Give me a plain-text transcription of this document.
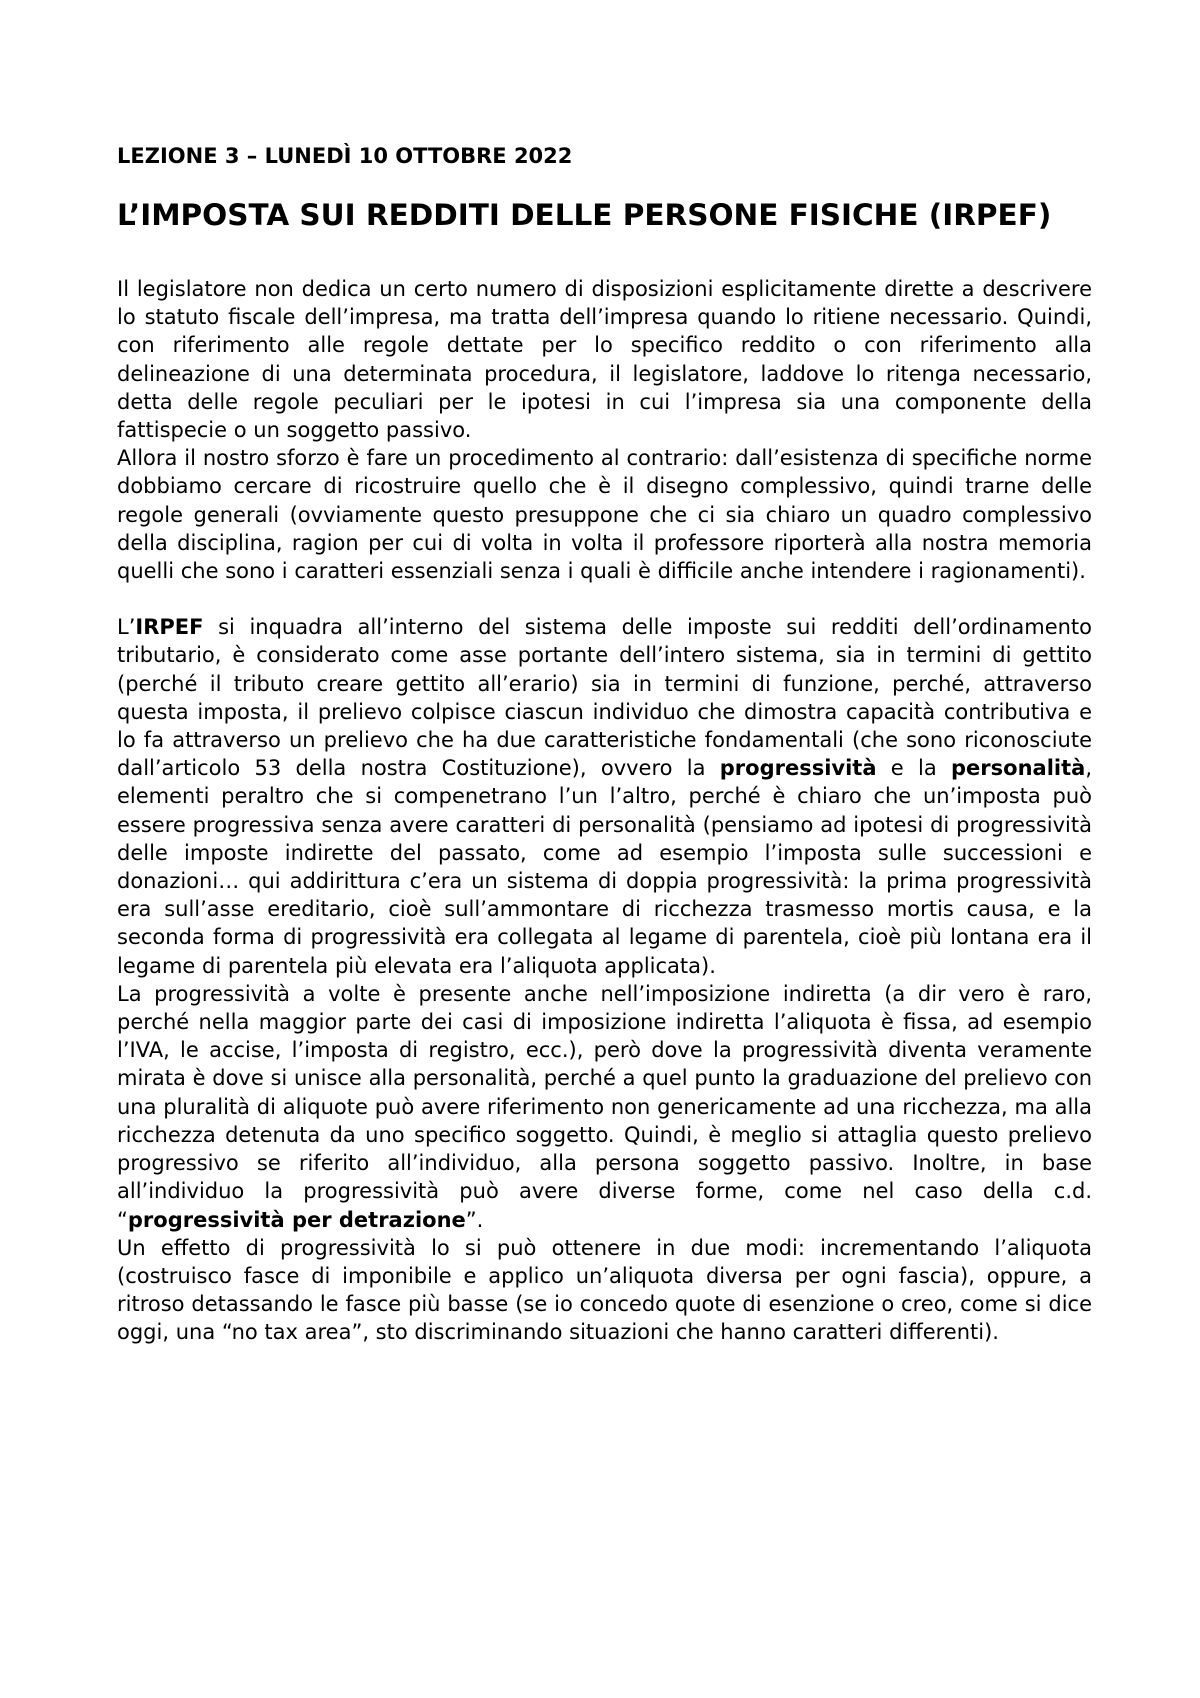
LEZIONE 3 – LUNEDÌ 10 OTTOBRE 2022
L’IMPOSTA SUI REDDITI DELLE PERSONE FISICHE (IRPEF)

Il legislatore non dedica un certo numero di disposizioni esplicitamente dirette a descrivere lo statuto fiscale dell’impresa, ma tratta dell’impresa quando lo ritiene necessario. Quindi, con riferimento alle regole dettate per lo specifico reddito o con riferimento alla delineazione di una determinata procedura, il legislatore, laddove lo ritenga necessario, detta delle regole peculiari per le ipotesi in cui l’impresa sia una componente della fattispecie o un soggetto passivo.

Allora il nostro sforzo è fare un procedimento al contrario: dall’esistenza di specifiche norme dobbiamo cercare di ricostruire quello che è il disegno complessivo, quindi trarne delle regole generali (ovviamente questo presuppone che ci sia chiaro un quadro complessivo della disciplina, ragion per cui di volta in volta il professore riporterà alla nostra memoria quelli che sono i caratteri essenziali senza i quali è difficile anche intendere i ragionamenti).

L’IRPEF si inquadra all’interno del sistema delle imposte sui redditi dell’ordinamento tributario, è considerato come asse portante dell’intero sistema, sia in termini di gettito (perché il tributo creare gettito all’erario) sia in termini di funzione, perché, attraverso questa imposta, il prelievo colpisce ciascun individuo che dimostra capacità contributiva e lo fa attraverso un prelievo che ha due caratteristiche fondamentali (che sono riconosciute dall’articolo 53 della nostra Costituzione), ovvero la progressività e la personalità, elementi peraltro che si compenetrano l’un l’altro, perché è chiaro che un’imposta può essere progressiva senza avere caratteri di personalità (pensiamo ad ipotesi di progressività delle imposte indirette del passato, come ad esempio l’imposta sulle successioni e donazioni… qui addirittura c’era un sistema di doppia progressività: la prima progressività era sull’asse ereditario, cioè sull’ammontare di ricchezza trasmesso mortis causa, e la seconda forma di progressività era collegata al legame di parentela, cioè più lontana era il legame di parentela più elevata era l’aliquota applicata).

La progressività a volte è presente anche nell’imposizione indiretta (a dir vero è raro, perché nella maggior parte dei casi di imposizione indiretta l’aliquota è fissa, ad esempio l’IVA, le accise, l’imposta di registro, ecc.), però dove la progressività diventa veramente mirata è dove si unisce alla personalità, perché a quel punto la graduazione del prelievo con una pluralità di aliquote può avere riferimento non genericamente ad una ricchezza, ma alla ricchezza detenuta da uno specifico soggetto. Quindi, è meglio si attaglia questo prelievo progressivo se riferito all’individuo, alla persona soggetto passivo. Inoltre, in base all’individuo la progressività può avere diverse forme, come nel caso della c.d. “progressività per detrazione”.

Un effetto di progressività lo si può ottenere in due modi: incrementando l’aliquota (costruisco fasce di imponibile e applico un’aliquota diversa per ogni fascia), oppure, a ritroso detassando le fasce più basse (se io concedo quote di esenzione o creo, come si dice oggi, una “no tax area”, sto discriminando situazioni che hanno caratteri differenti).
